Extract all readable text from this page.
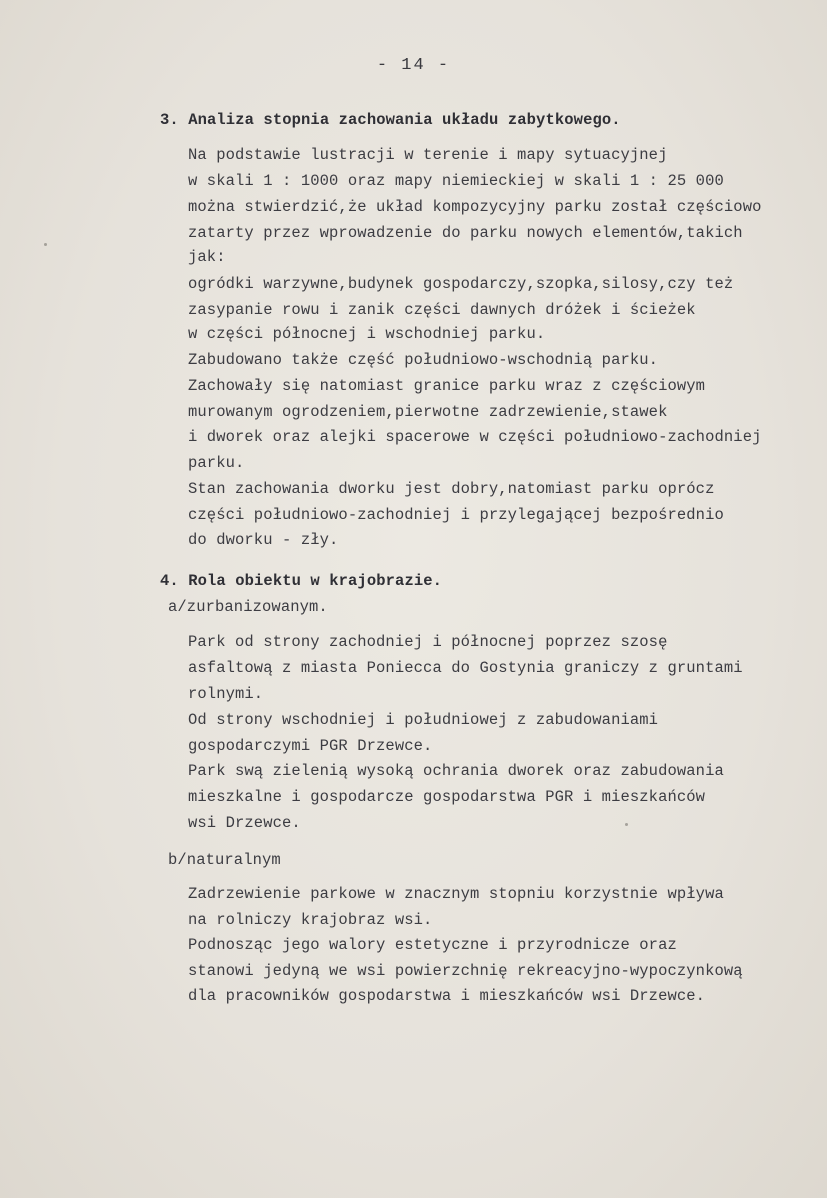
- 14 -
3. Analiza stopnia zachowania układu zabytkowego.
Na podstawie lustracji w terenie i mapy sytuacyjnej
w skali 1 : 1000 oraz mapy niemieckiej w skali 1 : 25 000
można stwierdzić,że układ kompozycyjny parku został częściowo
zatarty przez wprowadzenie do parku nowych elementów,takich
jak:
ogródki warzywne,budynek gospodarczy,szopka,silosy,czy też
zasypanie rowu i zanik części dawnych dróżek i ścieżek
w części północnej i wschodniej parku.
Zabudowano także część południowo-wschodnią parku.
Zachowały się natomiast granice parku wraz z częściowym
murowanym ogrodzeniem,pierwotne zadrzewienie,stawek
i dworek oraz alejki spacerowe w części południowo-zachodniej
parku.
Stan zachowania dworku jest dobry,natomiast parku oprócz
części południowo-zachodniej i przylegającej bezpośrednio
do dworku - zły.
4. Rola obiektu w krajobrazie.
a/zurbanizowanym.
Park od strony zachodniej i północnej poprzez szosę
asfaltową z miasta Poniecca do Gostynia graniczy z gruntami
rolnymi.
Od strony wschodniej i południowej z zabudowaniami
gospodarczymi PGR Drzewce.
Park swą zielenią wysoką ochrania dworek oraz zabudowania
mieszkalne i gospodarcze gospodarstwa PGR i mieszkańców
wsi Drzewce.
b/naturalnym
Zadrzewienie parkowe w znacznym stopniu korzystnie wpływa
na rolniczy krajobraz wsi.
Podnosząc jego walory estetyczne i przyrodnicze oraz
stanowi jedyną we wsi powierzchnię rekreacyjno-wypoczynkową
dla pracowników gospodarstwa i mieszkańców wsi Drzewce.
